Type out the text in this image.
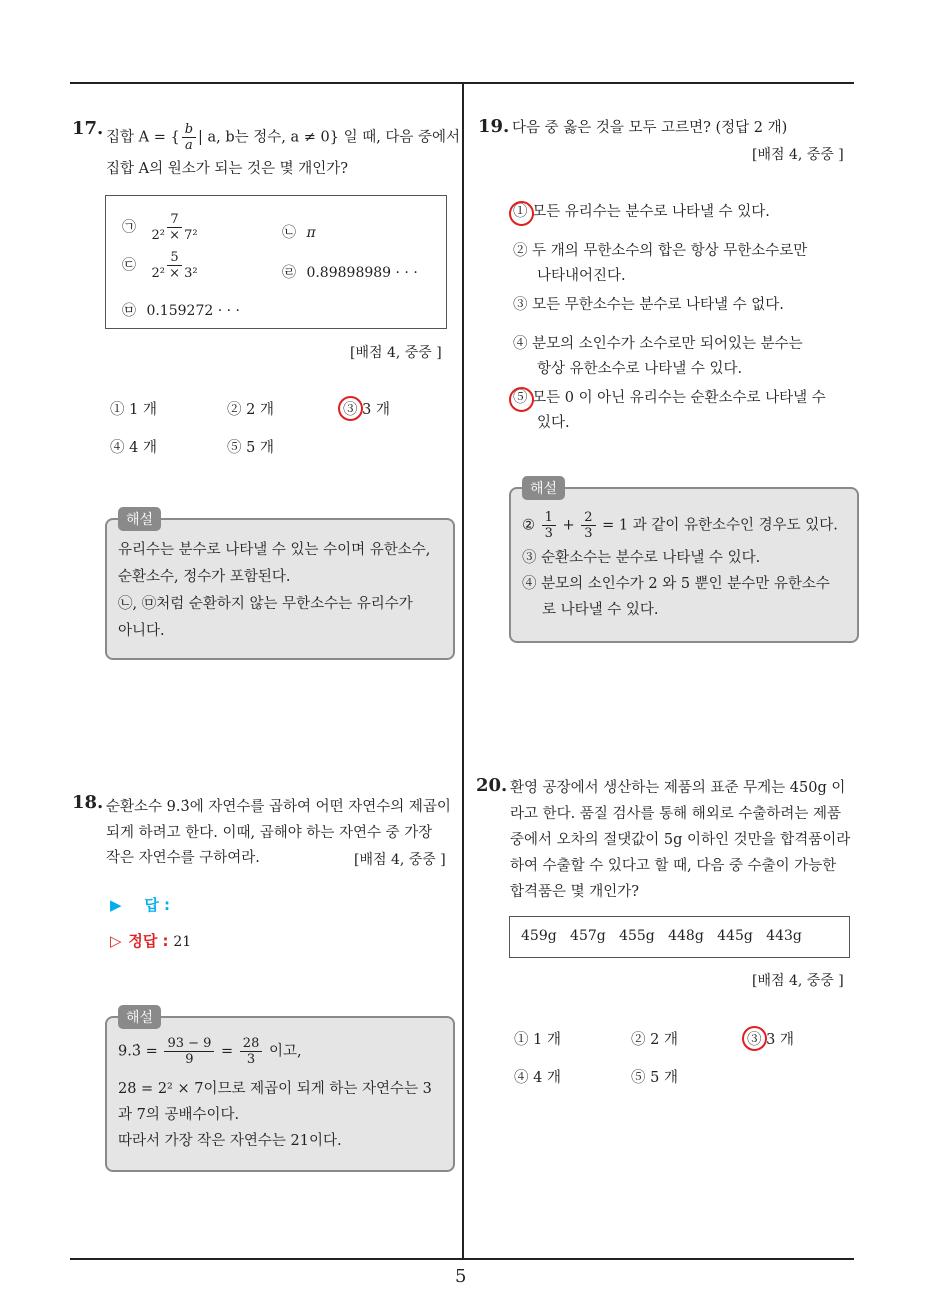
5
17. 집합 A = { $\frac{b}{a}$ | a, b는 정수, a ≠ 0} 일 때, 다음 중에서
집합 A의 원소가 되는 것은 몇 개인가?
㉠ $\frac{7}{\text{2² × 7²}}$	㉡ π
㉢ $\frac{5}{\text{2² × 3²}}$	㉣ 0.89898989 · · ·
㉤ 0.159272 · · ·
[배점 4, 중중 ]
① 1 개	② 2 개	③ 3 개
④ 4 개	⑤ 5 개
해설
유리수는 분수로 나타낼 수 있는 수이며 유한소수,
순환소수, 정수가 포함된다.
㉡, ㉤처럼 순환하지 않는 무한소수는 유리수가
아니다.
18. 순환소수 9.3̇에 자연수를 곱하여 어떤 자연수의 제곱이
되게 하려고 한다. 이때, 곱해야 하는 자연수 중 가장
작은 자연수를 구하여라.	[배점 4, 중중 ]
▶ 답 :
▷ 정답 : 21
해설
9.3̇ = $\frac{93 - 9}{9} = \frac{28}{3}$ 이고,
28 = 2² × 7이므로 제곱이 되게 하는 자연수는 3
과 7의 공배수이다.
따라서 가장 작은 자연수는 21이다.
19. 다음 중 옳은 것을 모두 고르면? (정답 2 개)
[배점 4, 중중 ]
① 모든 유리수는 분수로 나타낼 수 있다.
② 두 개의 무한소수의 합은 항상 무한소수로만
나타내어진다.
③ 모든 무한소수는 분수로 나타낼 수 없다.
④ 분모의 소인수가 소수로만 되어있는 분수는
항상 유한소수로 나타낼 수 있다.
⑤ 모든 0 이 아닌 유리수는 순환소수로 나타낼 수
있다.
해설
② $\frac{1}{3} + \frac{2}{3} = 1$ 과 같이 유한소수인 경우도 있다.
③ 순환소수는 분수로 나타낼 수 있다.
④ 분모의 소인수가 2 와 5 뿐인 분수만 유한소수
로 나타낼 수 있다.
20. 환영 공장에서 생산하는 제품의 표준 무게는 450g 이
라고 한다. 품질 검사를 통해 해외로 수출하려는 제품
중에서 오차의 절댓값이 5g 이하인 것만을 합격품이라
하여 수출할 수 있다고 할 때, 다음 중 수출이 가능한
합격품은 몇 개인가?
459g   457g   455g   448g   445g   443g
[배점 4, 중중 ]
① 1 개	② 2 개	③ 3 개
④ 4 개	⑤ 5 개
